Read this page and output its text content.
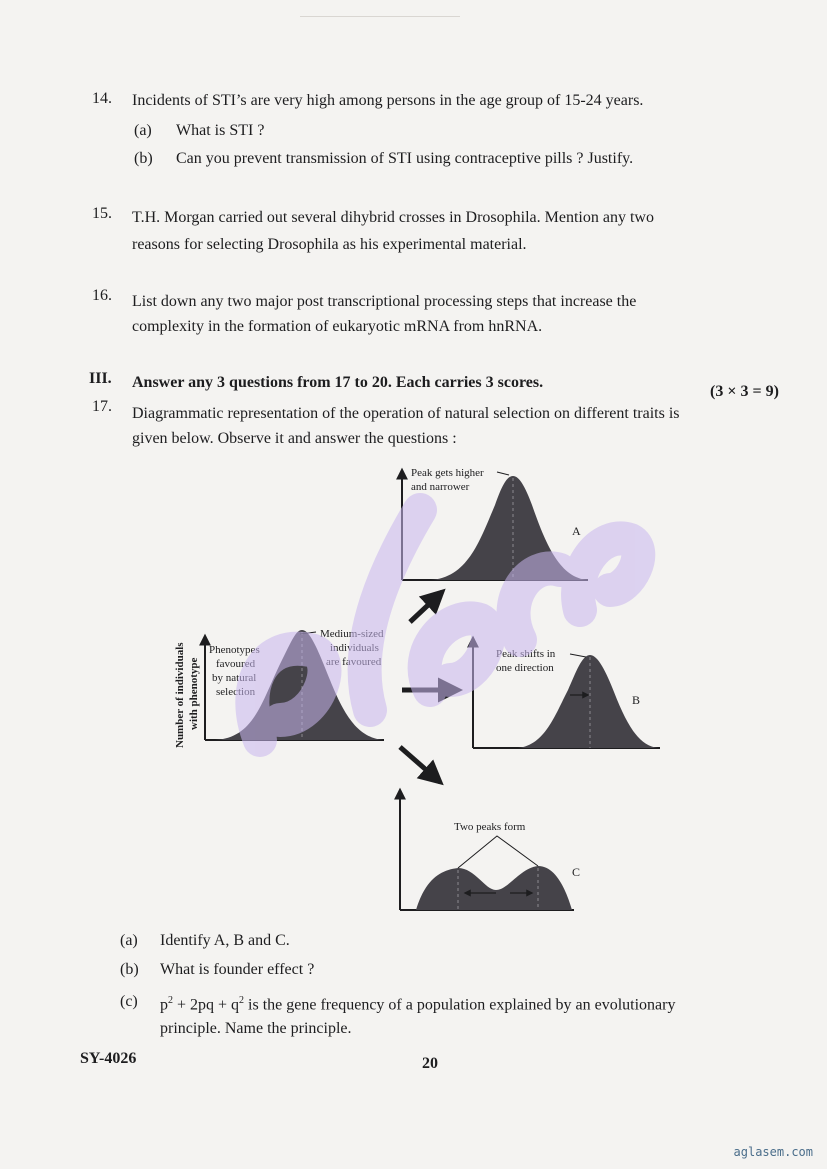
14. Incidents of STI’s are very high among persons in the age group of 15-24 years.
(a) What is STI ?
(b) Can you prevent transmission of STI using contraceptive pills ? Justify.
15. T.H. Morgan carried out several dihybrid crosses in Drosophila. Mention any two
reasons for selecting Drosophila as his experimental material.
16. List down any two major post transcriptional processing steps that increase the
complexity in the formation of eukaryotic mRNA from hnRNA.
III. Answer any 3 questions from 17 to 20. Each carries 3 scores.
(3 × 3 = 9)
17. Diagrammatic representation of the operation of natural selection on different traits is
given below. Observe it and answer the questions :
Number of individuals with phenotype
Phenotypes
favoured
by natural
selection
Medium-sized
individuals
are favoured
Peak gets higher
and narrower
A
Peak shifts in
one direction
B
Two peaks form
C
(a) Identify A, B and C.
(b) What is founder effect ?
(c) $p^2 + 2pq + q^2$ is the gene frequency of a population explained by an evolutionary
principle. Name the principle.
SY-4026	20
aglasem.com
